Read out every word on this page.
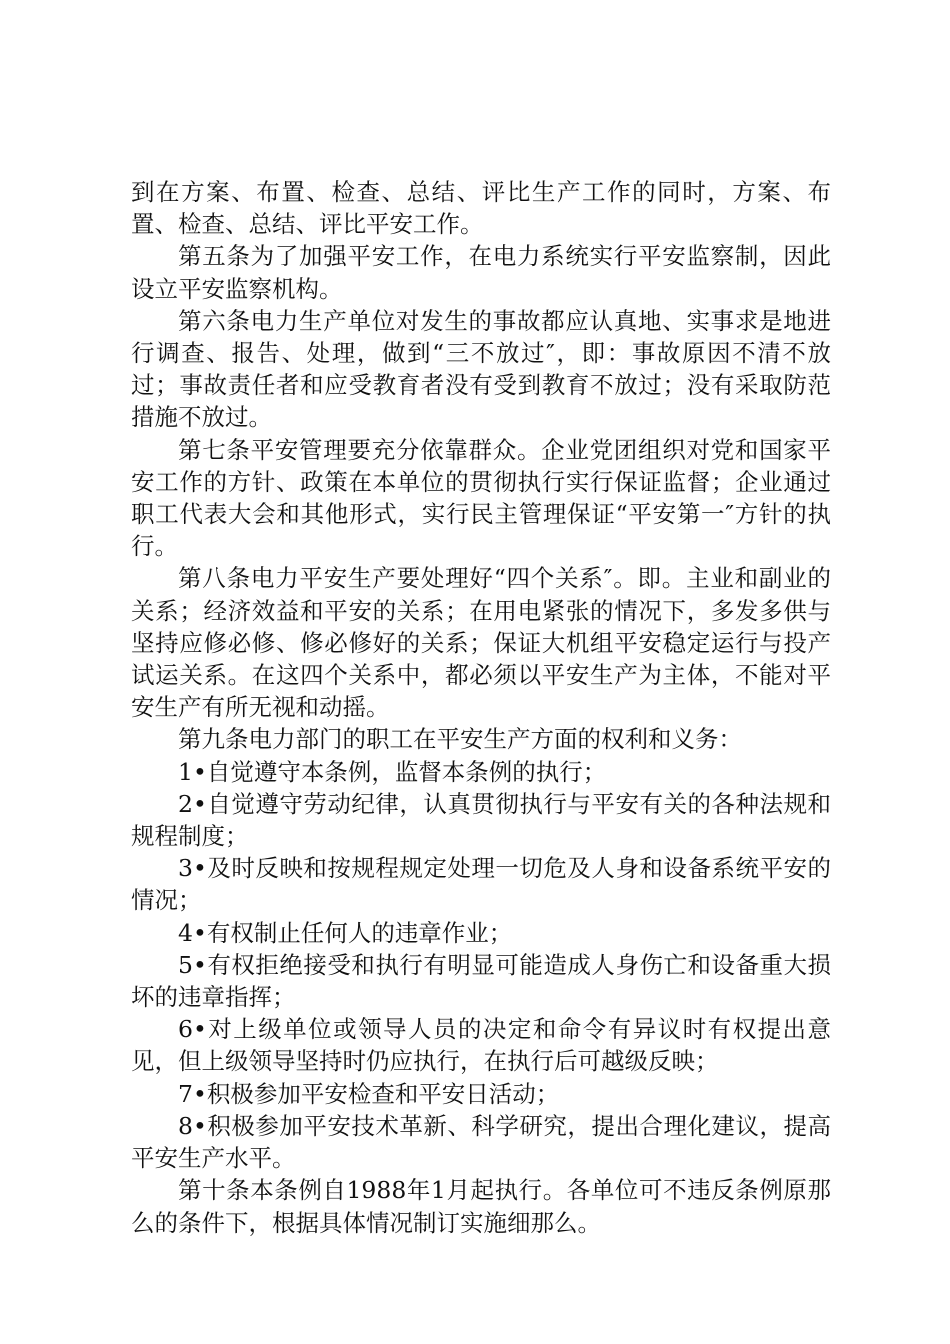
到在方案、布置、检查、总结、评比生产工作的同时，方案、布置、检查、总结、评比平安工作。

第五条为了加强平安工作，在电力系统实行平安监察制，因此设立平安监察机构。

第六条电力生产单位对发生的事故都应认真地、实事求是地进行调查、报告、处理，做到“三不放过″，即：事故原因不清不放过；事故责任者和应受教育者没有受到教育不放过；没有采取防范措施不放过。

第七条平安管理要充分依靠群众。企业党团组织对党和国家平安工作的方针、政策在本单位的贯彻执行实行保证监督；企业通过职工代表大会和其他形式，实行民主管理保证“平安第一″方针的执行。

第八条电力平安生产要处理好“四个关系″。即。主业和副业的关系；经济效益和平安的关系；在用电紧张的情况下，多发多供与坚持应修必修、修必修好的关系；保证大机组平安稳定运行与投产试运关系。在这四个关系中，都必须以平安生产为主体，不能对平安生产有所无视和动摇。

第九条电力部门的职工在平安生产方面的权利和义务：

1•自觉遵守本条例，监督本条例的执行；

2•自觉遵守劳动纪律，认真贯彻执行与平安有关的各种法规和规程制度；

3•及时反映和按规程规定处理一切危及人身和设备系统平安的情况；

4•有权制止任何人的违章作业；

5•有权拒绝接受和执行有明显可能造成人身伤亡和设备重大损坏的违章指挥；

6•对上级单位或领导人员的决定和命令有异议时有权提出意见，但上级领导坚持时仍应执行，在执行后可越级反映；

7•积极参加平安检查和平安日活动；

8•积极参加平安技术革新、科学研究，提出合理化建议，提高平安生产水平。

第十条本条例自1988年1月起执行。各单位可不违反条例原那么的条件下，根据具体情况制订实施细那么。
